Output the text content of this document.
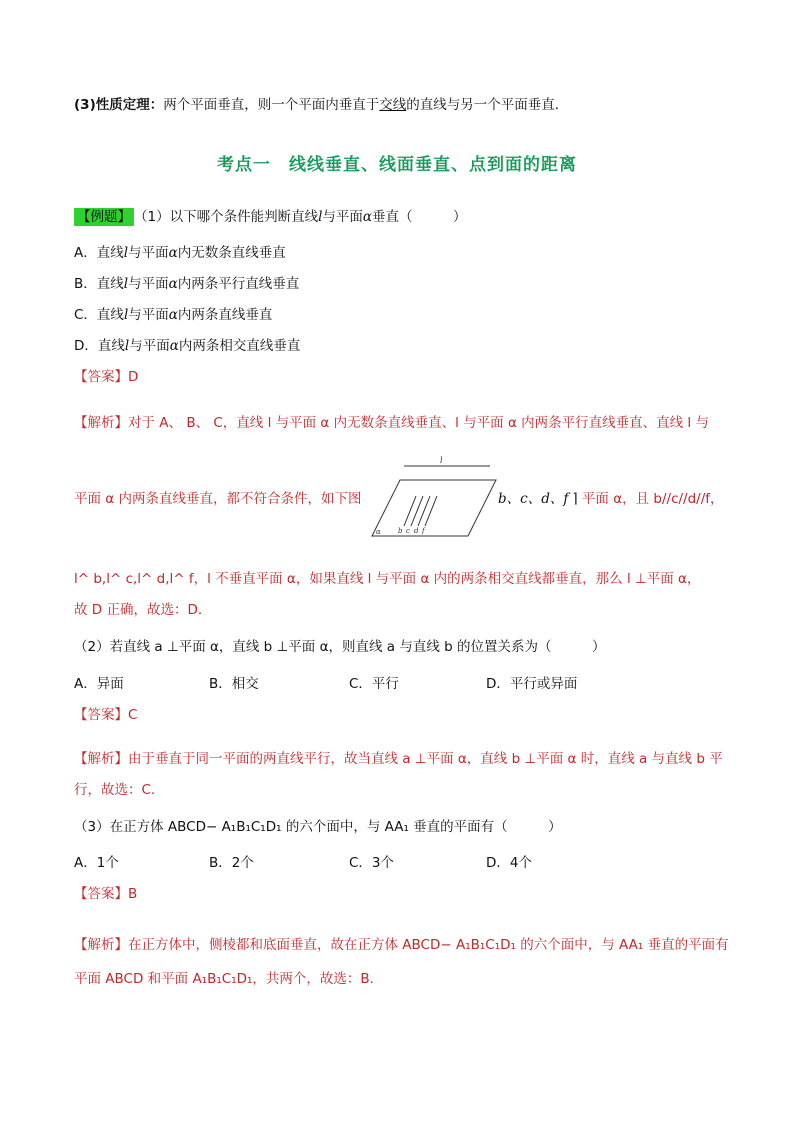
(3)性质定理：两个平面垂直，则一个平面内垂直于交线的直线与另一个平面垂直．
考点一　线线垂直、线面垂直、点到面的距离
【例题】 （1）以下哪个条件能判断直线l与平面α垂直（　　　）
A．直线l与平面α内无数条直线垂直
B．直线l与平面α内两条平行直线垂直
C．直线l与平面α内两条直线垂直
D．直线l与平面α内两条相交直线垂直
【答案】D
【解析】对于 A、 B、 C，直线 l 与平面 α 内无数条直线垂直、l 与平面 α 内两条平行直线垂直、直线 l 与
平面 α 内两条直线垂直，都不符合条件，如下图
l
α b c d f
b、c、d、f ⌉ 平面 α，且 b//c//d//f，
l^ b,l^ c,l^ d,l^ f，l 不垂直平面 α，如果直线 l 与平面 α 内的两条相交直线都垂直，那么 l ⊥平面 α，
故 D 正确，故选：D.
（2）若直线 a ⊥平面 α，直线 b ⊥平面 α，则直线 a 与直线 b 的位置关系为（　　　）
A．异面	B．相交	C．平行	D．平行或异面
【答案】C
【解析】由于垂直于同一平面的两直线平行，故当直线 a ⊥平面 α，直线 b ⊥平面 α 时，直线 a 与直线 b 平
行，故选：C.
（3）在正方体 ABCD− A₁B₁C₁D₁ 的六个面中，与 AA₁ 垂直的平面有（　　　）
A．1个	B．2个	C．3个	D．4个
【答案】B
【解析】在正方体中，侧棱都和底面垂直，故在正方体 ABCD− A₁B₁C₁D₁ 的六个面中，与 AA₁ 垂直的平面有
平面 ABCD 和平面 A₁B₁C₁D₁，共两个，故选：B.
